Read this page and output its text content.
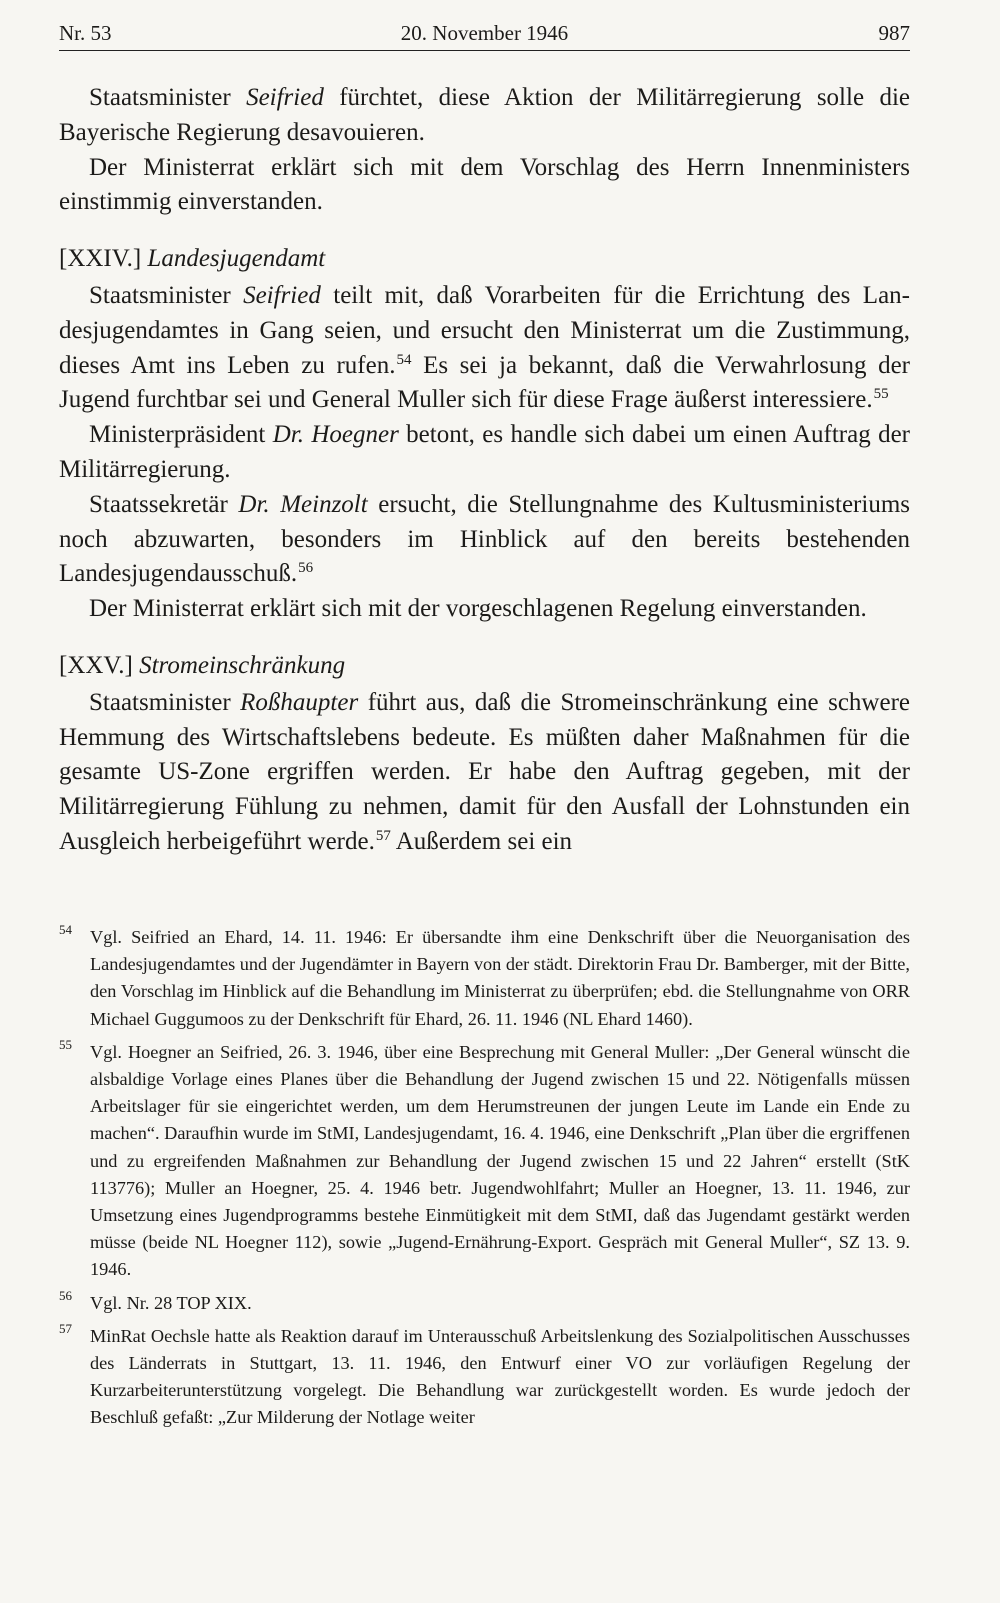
Nr. 53	20. November 1946	987

Staatsminister Seifried fürchtet, diese Aktion der Militärregierung solle die Bayerische Regierung desavouieren.

Der Ministerrat erklärt sich mit dem Vorschlag des Herrn Innenministers einstimmig einverstanden.

[XXIV.] Landesjugendamt

Staatsminister Seifried teilt mit, daß Vorarbeiten für die Errichtung des Landesjugendamtes in Gang seien, und ersucht den Ministerrat um die Zustimmung, dieses Amt ins Leben zu rufen.$^{54}$ Es sei ja bekannt, daß die Verwahrlosung der Jugend furchtbar sei und General Muller sich für diese Frage äußerst interessiere.$^{55}$

Ministerpräsident Dr. Hoegner betont, es handle sich dabei um einen Auftrag der Militärregierung.

Staatssekretär Dr. Meinzolt ersucht, die Stellungnahme des Kultusministeriums noch abzuwarten, besonders im Hinblick auf den bereits bestehenden Landesjugendausschuß.$^{56}$

Der Ministerrat erklärt sich mit der vorgeschlagenen Regelung einverstanden.

[XXV.] Stromeinschränkung

Staatsminister Roßhaupter führt aus, daß die Stromeinschränkung eine schwere Hemmung des Wirtschaftslebens bedeute. Es müßten daher Maßnahmen für die gesamte US-Zone ergriffen werden. Er habe den Auftrag gegeben, mit der Militärregierung Fühlung zu nehmen, damit für den Ausfall der Lohnstunden ein Ausgleich herbeigeführt werde.$^{57}$ Außerdem sei ein

54 Vgl. Seifried an Ehard, 14. 11. 1946: Er übersandte ihm eine Denkschrift über die Neuorganisation des Landesjugendamtes und der Jugendämter in Bayern von der städt. Direktorin Frau Dr. Bamberger, mit der Bitte, den Vorschlag im Hinblick auf die Behandlung im Ministerrat zu überprüfen; ebd. die Stellungnahme von ORR Michael Guggumoos zu der Denkschrift für Ehard, 26. 11. 1946 (NL Ehard 1460).
55 Vgl. Hoegner an Seifried, 26. 3. 1946, über eine Besprechung mit General Muller: „Der General wünscht die alsbaldige Vorlage eines Planes über die Behandlung der Jugend zwischen 15 und 22. Nötigenfalls müssen Arbeitslager für sie eingerichtet werden, um dem Herumstreunen der jungen Leute im Lande ein Ende zu machen“. Daraufhin wurde im StMI, Landesjugendamt, 16. 4. 1946, eine Denkschrift „Plan über die ergriffenen und zu ergreifenden Maßnahmen zur Behandlung der Jugend zwischen 15 und 22 Jahren“ erstellt (StK 113776); Muller an Hoegner, 25. 4. 1946 betr. Jugendwohlfahrt; Muller an Hoegner, 13. 11. 1946, zur Umsetzung eines Jugendprogramms bestehe Einmütigkeit mit dem StMI, daß das Jugendamt gestärkt werden müsse (beide NL Hoegner 112), sowie „Jugend-Ernährung-Export. Gespräch mit General Muller“, SZ 13. 9. 1946.
56 Vgl. Nr. 28 TOP XIX.
57 MinRat Oechsle hatte als Reaktion darauf im Unterausschuß Arbeitslenkung des Sozialpolitischen Ausschusses des Länderrats in Stuttgart, 13. 11. 1946, den Entwurf einer VO zur vorläufigen Regelung der Kurzarbeiterunterstützung vorgelegt. Die Behandlung war zurückgestellt worden. Es wurde jedoch der Beschluß gefaßt: „Zur Milderung der Notlage weiter
